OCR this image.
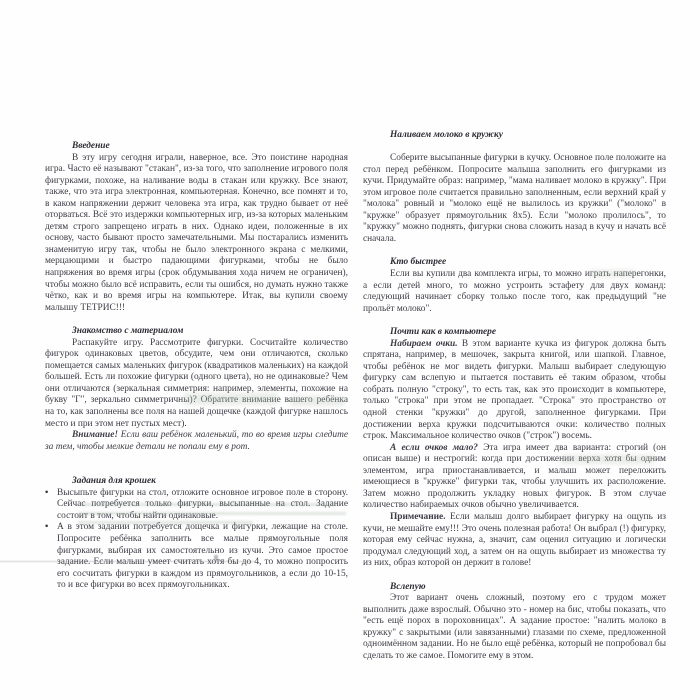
Введение

В эту игру сегодня играли, наверное, все. Это поистине народная игра. Часто её называют "стакан", из-за того, что заполнение игрового поля фигурками, похоже, на наливание воды в стакан или кружку. Все знают, также, что эта игра электронная, компьютерная. Конечно, все помнят и то, в каком напряжении держит человека эта игра, как трудно бывает от неё оторваться. Всё это издержки компьютерных игр, из-за которых маленьким детям строго запрещено играть в них. Однако идеи, положенные в их основу, часто бывают просто замечательными. Мы постарались изменить знаменитую игру так, чтобы не было электронного экрана с мелкими, мерцающими и быстро падающими фигурками, чтобы не было напряжения во время игры (срок обдумывания хода ничем не ограничен), чтобы можно было всё исправить, если ты ошибся, но думать нужно также чётко, как и во время игры на компьютере. Итак, вы купили своему малышу ТЕТРИС!!!

Знакомство с материалом

Распакуйте игру. Рассмотрите фигурки. Сосчитайте количество фигурок одинаковых цветов, обсудите, чем они отличаются, сколько помещается самых маленьких фигурок (квадратиков маленьких) на каждой большей. Есть ли похожие фигурки (одного цвета), но не одинаковые? Чем они отличаются (зеркальная симметрия: например, элементы, похожие на букву "Г", зеркально симметричны)? Обратите внимание вашего ребёнка на то, как заполнены все поля на нашей дощечке (каждой фигурке нашлось место и при этом нет пустых мест).

Внимание! Если ваш ребёнок маленький, то во время игры следите за тем, чтобы мелкие детали не попали ему в рот.

Задания для крошек

• Высыпьте фигурки на стол, отложите основное игровое поле в сторону. Сейчас потребуется только фигурки, высыпанные на стол. Задание состоит в том, чтобы найти одинаковые.
• А в этом задании потребуется дощечка и фигурки, лежащие на столе. Попросите ребёнка заполнить все малые прямоугольные поля фигурками, выбирая их самостоятельно из кучи. Это самое простое задание. Если малыш умеет считать хотя бы до 4, то можно попросить его сосчитать фигурки в каждом из прямоугольников, а если до 10-15, то и все фигурки во всех прямоугольниках.

Наливаем молоко в кружку

Соберите высыпанные фигурки в кучку. Основное поле положите на стол перед ребёнком. Попросите малыша заполнить его фигурками из кучи. Придумайте образ: например, "мама наливает молоко в кружку". При этом игровое поле считается правильно заполненным, если верхний край у "молока" ровный и "молоко ещё не вылилось из кружки" ("молоко" в "кружке" образует прямоугольник 8х5). Если "молоко пролилось", то "кружку" можно поднять, фигурки снова сложить назад в кучу и начать всё сначала.

Кто быстрее

Если вы купили два комплекта игры, то можно играть наперегонки, а если детей много, то можно устроить эстафету для двух команд: следующий начинает сборку только после того, как предыдущий "не прольёт молоко".

Почти как в компьютере

Набираем очки. В этом варианте кучка из фигурок должна быть спрятана, например, в мешочек, закрыта книгой, или шапкой. Главное, чтобы ребёнок не мог видеть фигурки. Малыш выбирает следующую фигурку сам вслепую и пытается поставить её таким образом, чтобы собрать полную "строку", то есть так, как это происходит в компьютере, только "строка" при этом не пропадает. "Строка" это пространство от одной стенки "кружки" до другой, заполненное фигурками. При достижении верха кружки подсчитываются очки: количество полных строк. Максимальное количество очков ("строк") восемь.

А если очков мало? Эта игра имеет два варианта: строгий (он описан выше) и нестрогий: когда при достижении верха хотя бы одним элементом, игра приостанавливается, и малыш может переложить имеющиеся в "кружке" фигурки так, чтобы улучшить их расположение. Затем можно продолжить укладку новых фигурок. В этом случае количество набираемых очков обычно увеличивается.

Примечание. Если малыш долго выбирает фигурку на ощупь из кучи, не мешайте ему!!! Это очень полезная работа! Он выбрал (!) фигурку, которая ему сейчас нужна, а, значит, сам оценил ситуацию и логически продумал следующий ход, а затем он на ощупь выбирает из множества ту из них, образ которой он держит в голове!

Вслепую

Этот вариант очень сложный, поэтому его с трудом может выполнить даже взрослый. Обычно это - номер на бис, чтобы показать, что "есть ещё порох в пороховницах". А задание простое: "налить молоко в кружку" с закрытыми (или завязанными) глазами по схеме, предложенной одноимённом задании. Но не было ещё ребёнка, который не попробовал бы сделать то же самое. Помогите ему в этом.
